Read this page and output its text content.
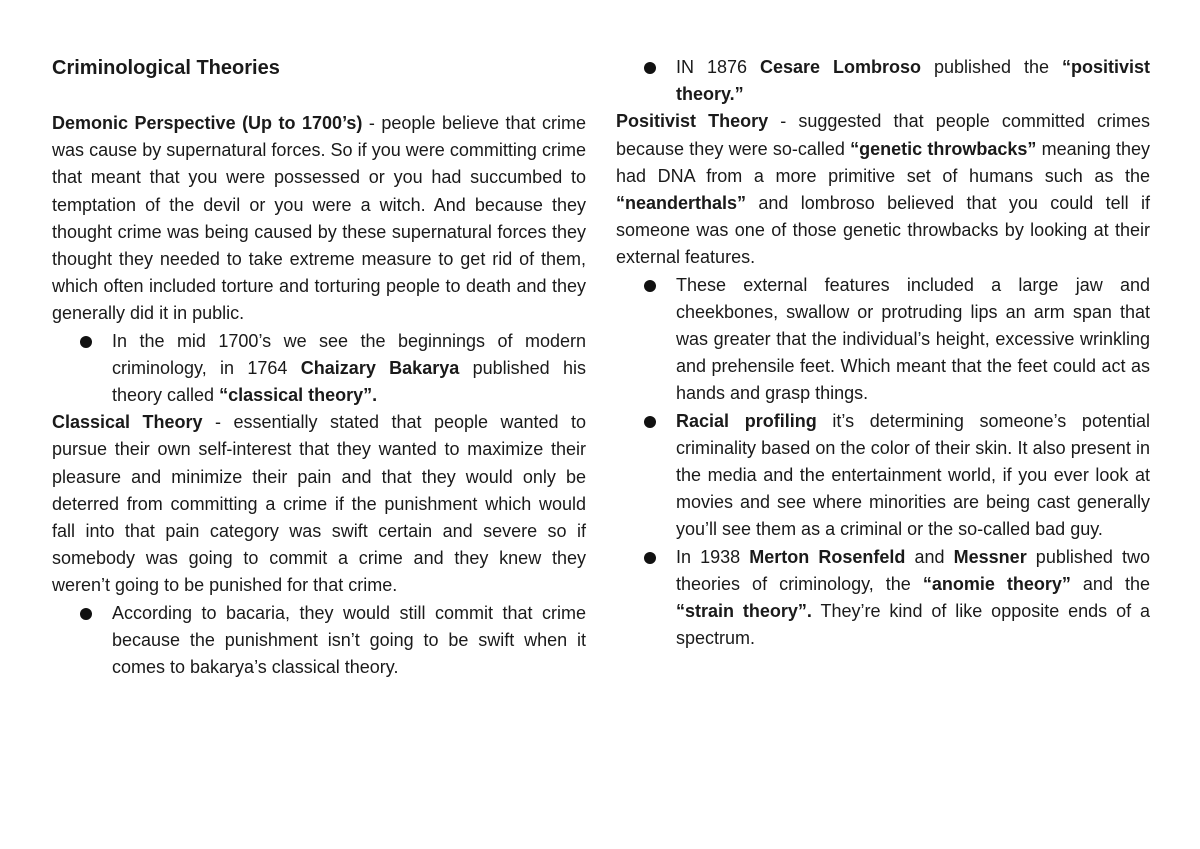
Criminological Theories

Demonic Perspective (Up to 1700’s) - people believe that crime was cause by supernatural forces. So if you were committing crime that meant that you were possessed or you had succumbed to temptation of the devil or you were a witch. And because they thought crime was being caused by these supernatural forces they thought they needed to take extreme measure to get rid of them, which often included torture and torturing people to death and they generally did it in public.

In the mid 1700’s we see the beginnings of modern criminology, in 1764 Chaizary Bakarya published his theory called “classical theory”.

Classical Theory - essentially stated that people wanted to pursue their own self-interest that they wanted to maximize their pleasure and minimize their pain and that they would only be deterred from committing a crime if the punishment which would fall into that pain category was swift certain and severe so if somebody was going to commit a crime and they knew they weren’t going to be punished for that crime.

According to bacaria, they would still commit that crime because the punishment isn’t going to be swift when it comes to bakarya’s classical theory.
IN 1876 Cesare Lombroso published the “positivist theory.”

Positivist Theory - suggested that people committed crimes because they were so-called “genetic throwbacks” meaning they had DNA from a more primitive set of humans such as the “neanderthals” and lombroso believed that you could tell if someone was one of those genetic throwbacks by looking at their external features.

These external features included a large jaw and cheekbones, swallow or protruding lips an arm span that was greater that the individual’s height, excessive wrinkling and prehensile feet. Which meant that the feet could act as hands and grasp things.
Racial profiling it’s determining someone’s potential criminality based on the color of their skin. It also present in the media and the entertainment world, if you ever look at movies and see where minorities are being cast generally you’ll see them as a criminal or the so-called bad guy.
In 1938 Merton Rosenfeld and Messner published two theories of criminology, the “anomie theory” and the “strain theory”. They’re kind of like opposite ends of a spectrum.
